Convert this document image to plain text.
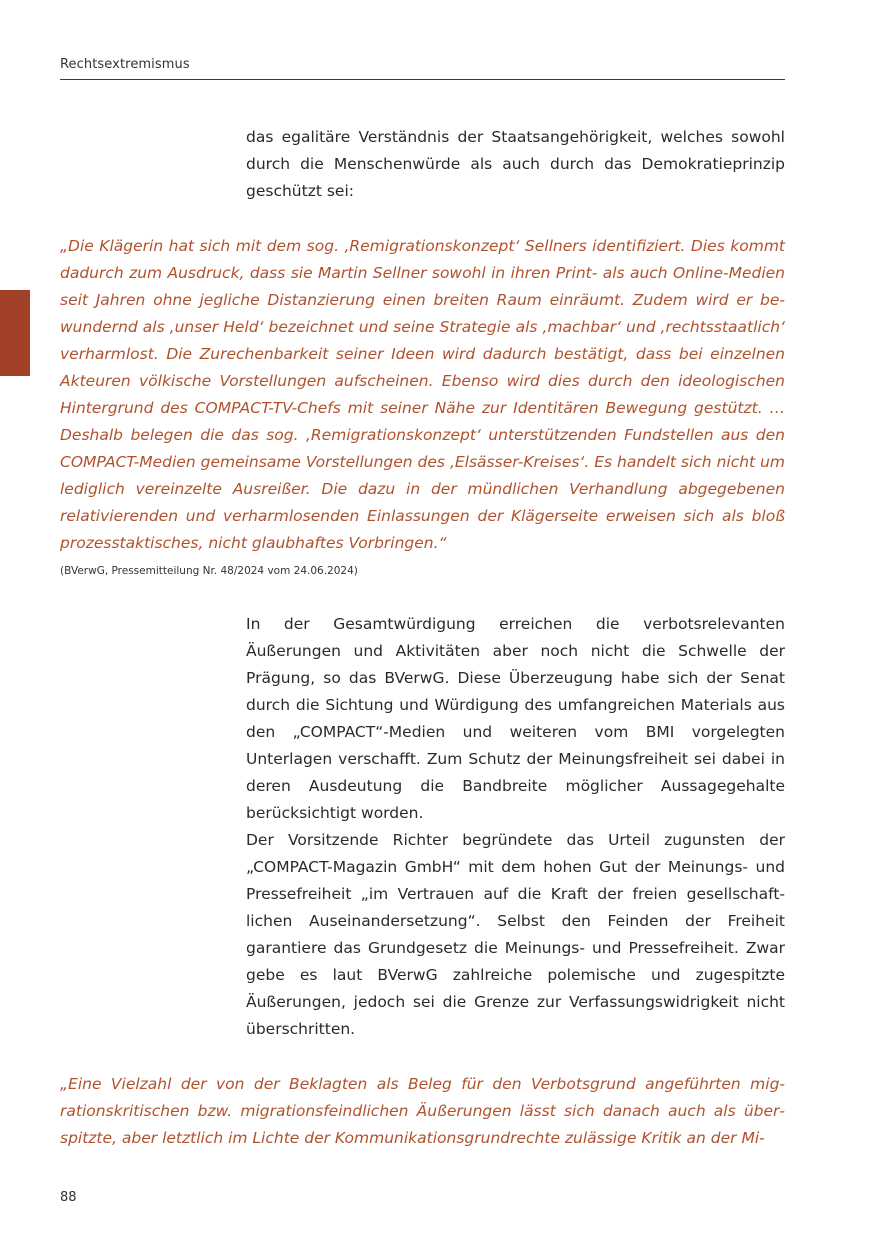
Rechtsextremismus

das egalitäre Verständnis der Staatsangehörigkeit, welches sowohl durch die Menschenwürde als auch durch das Demokratieprinzip geschützt sei:

„Die Klägerin hat sich mit dem sog. ‚Remigrationskonzept‘ Sellners identifiziert. Dies kommt dadurch zum Ausdruck, dass sie Martin Sellner sowohl in ihren Print- als auch Online-Medien seit Jahren ohne jegliche Distanzierung einen breiten Raum einräumt. Zudem wird er bewundernd als ‚unser Held‘ bezeichnet und seine Strategie als ‚machbar‘ und ‚rechtsstaatlich‘ verharmlost. Die Zurechenbarkeit seiner Ideen wird dadurch bestätigt, dass bei einzelnen Akteuren völkische Vorstellungen aufscheinen. Ebenso wird dies durch den ideologischen Hintergrund des COMPACT-TV-Chefs mit seiner Nähe zur Identitären Bewegung gestützt. … Deshalb belegen die das sog. ‚Remigrationskonzept‘ unterstützenden Fundstellen aus den COMPACT-Medien gemeinsame Vorstellungen des ‚Elsässer-Kreises‘. Es handelt sich nicht um lediglich vereinzelte Ausreißer. Die dazu in der mündlichen Verhandlung abgegebenen relativierenden und verharmlosenden Einlassungen der Klägerseite erweisen sich als bloß prozesstaktisches, nicht glaubhaftes Vorbringen.“
(BVerwG, Pressemitteilung Nr. 48/2024 vom 24.06.2024)

In der Gesamtwürdigung erreichen die verbotsrelevanten Äußerungen und Aktivitäten aber noch nicht die Schwelle der Prägung, so das BVerwG. Diese Überzeugung habe sich der Senat durch die Sichtung und Würdigung des umfangreichen Materials aus den „COMPACT“-Medien und weiteren vom BMI vorgelegten Unterlagen verschafft. Zum Schutz der Meinungsfreiheit sei dabei in deren Ausdeutung die Bandbreite möglicher Aussagegehalte berücksichtigt worden.

Der Vorsitzende Richter begründete das Urteil zugunsten der „COMPACT-Magazin GmbH“ mit dem hohen Gut der Meinungs- und Pressefreiheit „im Vertrauen auf die Kraft der freien gesellschaftlichen Auseinandersetzung“. Selbst den Feinden der Freiheit garantiere das Grundgesetz die Meinungs- und Pressefreiheit. Zwar gebe es laut BVerwG zahlreiche polemische und zugespitzte Äußerungen, jedoch sei die Grenze zur Verfassungswidrigkeit nicht überschritten.

„Eine Vielzahl der von der Beklagten als Beleg für den Verbotsgrund angeführten migrationskritischen bzw. migrationsfeindlichen Äußerungen lässt sich danach auch als überspitzte, aber letztlich im Lichte der Kommunikationsgrundrechte zulässige Kritik an der Mi-
88
